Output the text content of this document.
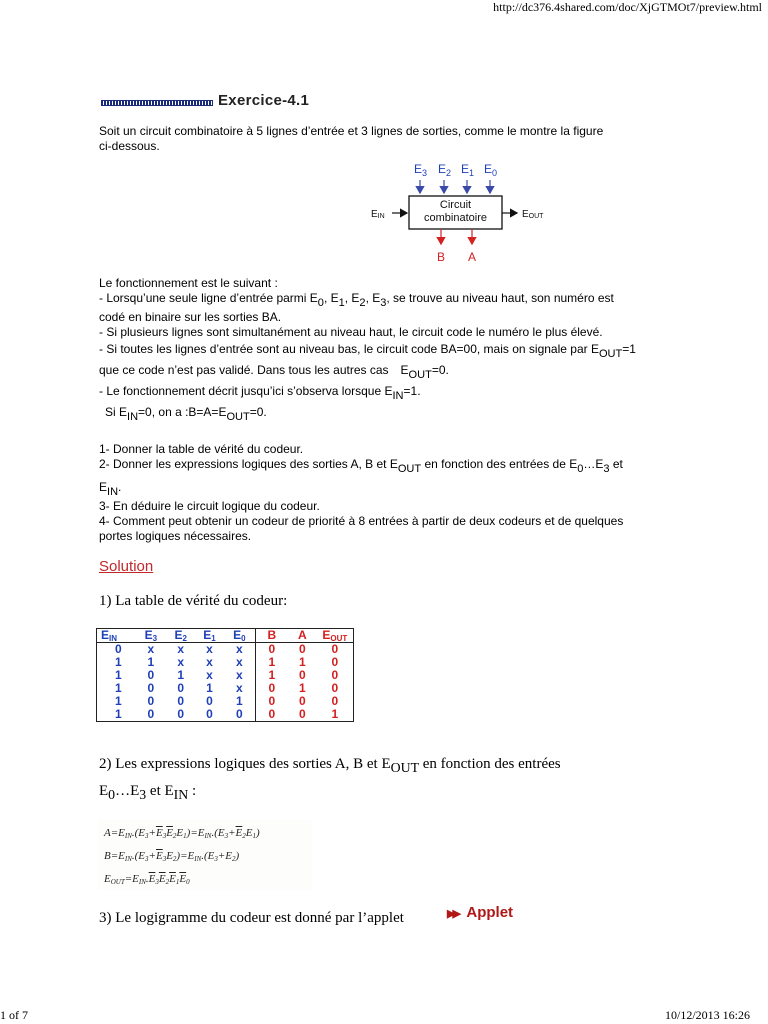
http://dc376.4shared.com/doc/XjGTMOt7/preview.html
Exercice-4.1
Soit un circuit combinatoire à 5 lignes d’entrée et 3 lignes de sorties, comme le montre la figure
ci-dessous.
$E_3$ $E_2$ $E_1$ $E_0$
Circuit
combinatoire
EIN	EOUT
B A
Le fonctionnement est le suivant :
- Lorsqu’une seule ligne d’entrée parmi $E_0$, $E_1$, $E_2$, $E_3$, se trouve au niveau haut, son numéro est
codé en binaire sur les sorties BA.
- Si plusieurs lignes sont simultanément au niveau haut, le circuit code le numéro le plus élevé.
- Si toutes les lignes d’entrée sont au niveau bas, le circuit code BA=00, mais on signale par $E_{OUT}=1$
que ce code n’est pas validé. Dans tous les autres cas $E_{OUT}=0$.
- Le fonctionnement décrit jusqu’ici s’observa lorsque $E_{IN}=1$.
Si $E_{IN}=0$, on a $:B=A=E_{OUT}=0$.
1- Donner la table de vérité du codeur.
2- Donner les expressions logiques des sorties A, B et $E_{OUT}$ en fonction des entrées de $E_0\dots E_3$ et
$E_{IN}$.
3- En déduire le circuit logique du codeur.
4- Comment peut obtenir un codeur de priorité à 8 entrées à partir de deux codeurs et de quelques
portes logiques nécessaires.
Solution
1) La table de vérité du codeur:
$E_{IN}$	$E_3$	$E_2$	$E_1$	$E_0$	B	A	$E_{OUT}$
0	x	x	x	x	0	0	0
1	1	x	x	x	1	1	0
1	0	1	x	x	1	0	0
1	0	0	1	x	0	1	0
1	0	0	0	1	0	0	0
1	0	0	0	0	0	0	1
2) Les expressions logiques des sorties A, B et $E_{OUT}$ en fonction des entrées
$E_0\dots E_3$ et $E_{IN}$ :
$A=E_{IN}.(E_3+\overline{E}_3\overline{E}_2E_1)=E_{IN}.(E_3+\overline{E}_2E_1)$
$B=E_{IN}.(E_3+\overline{E}_3E_2)=E_{IN}.(E_3+E_2)$
$E_{OUT}=E_{IN}.\overline{E}_3\overline{E}_2\overline{E}_1\overline{E}_0$
3) Le logigramme du codeur est donné par l’applet	▶▶ Applet
1 of 7	10/12/2013 16:26
